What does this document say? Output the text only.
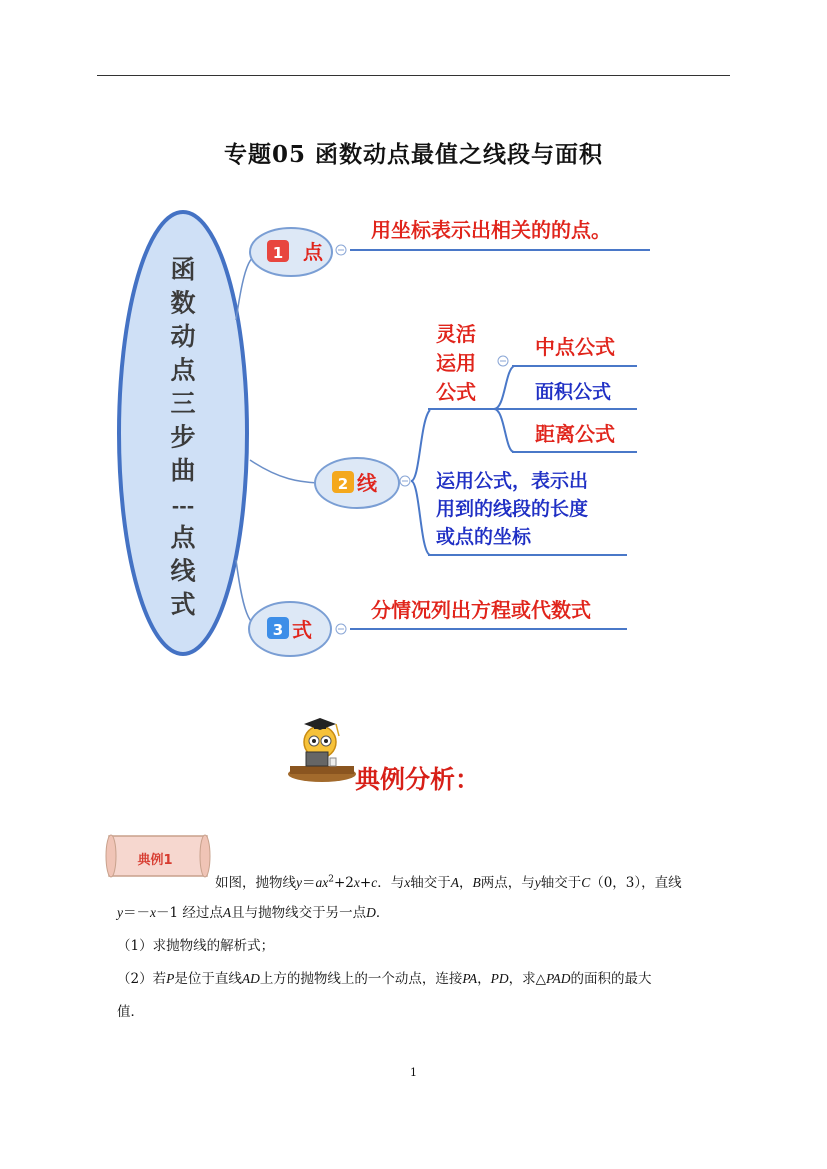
专题05 函数动点最值之线段与面积
函
数
动
点
三
步
曲
---
点
线
式
1 点
用坐标表示出相关的的点。
2 线
灵活
运用
公式
中点公式
面积公式
距离公式
运用公式，表示出
用到的线段的长度
或点的坐标
3 式
分情况列出方程或代数式
典例分析：
典例1
如图，抛物线$y=ax^2+2x+c$．与x轴交于A，B两点，与y轴交于C（0，3），直线
y＝－x－1 经过点A且与抛物线交于另一点D．
（1）求抛物线的解析式；
（2）若P是位于直线AD上方的抛物线上的一个动点，连接PA，PD，求△PAD的面积的最大
值．
1
